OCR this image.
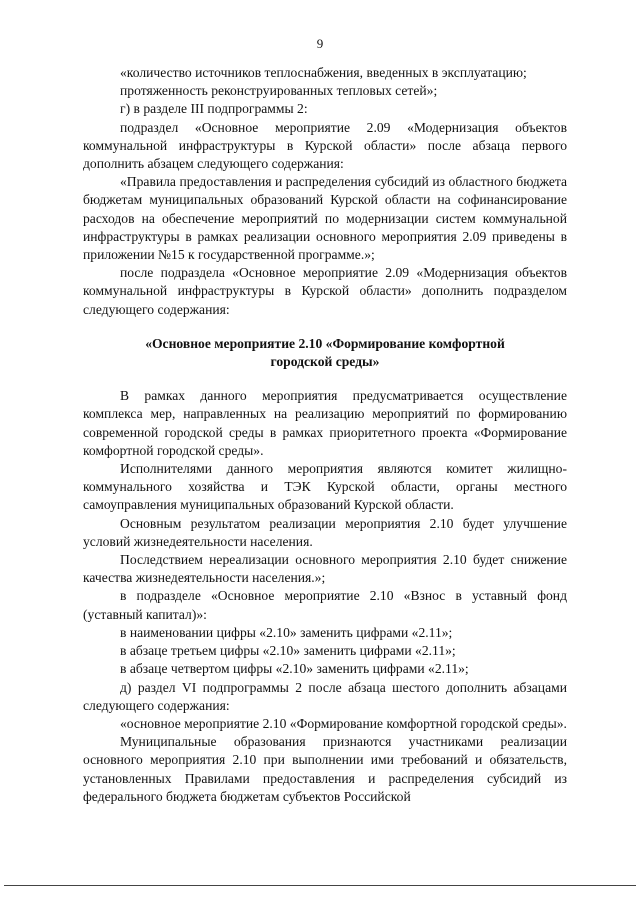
9

«количество источников теплоснабжения, введенных в эксплуатацию;

протяженность реконструированных тепловых сетей»;

г) в разделе III подпрограммы 2:

подраздел «Основное мероприятие 2.09 «Модернизация объектов коммунальной инфраструктуры в Курской области» после абзаца первого дополнить абзацем следующего содержания:

«Правила предоставления и распределения субсидий из областного бюджета бюджетам муниципальных образований Курской области на софинансирование расходов на обеспечение мероприятий по модернизации систем коммунальной инфраструктуры в рамках реализации основного мероприятия 2.09 приведены в приложении №15 к государственной программе.»;

после подраздела «Основное мероприятие 2.09 «Модернизация объектов коммунальной инфраструктуры в Курской области» дополнить подразделом следующего содержания:

«Основное мероприятие 2.10 «Формирование комфортной городской среды»

В рамках данного мероприятия предусматривается осуществление комплекса мер, направленных на реализацию мероприятий по формированию современной городской среды в рамках приоритетного проекта «Формирование комфортной городской среды».

Исполнителями данного мероприятия являются комитет жилищно-коммунального хозяйства и ТЭК Курской области, органы местного самоуправления муниципальных образований Курской области.

Основным результатом реализации мероприятия 2.10 будет улучшение условий жизнедеятельности населения.

Последствием нереализации основного мероприятия 2.10 будет снижение качества жизнедеятельности населения.»;

в подразделе «Основное мероприятие 2.10 «Взнос в уставный фонд (уставный капитал)»:

в наименовании цифры «2.10» заменить цифрами «2.11»;

в абзаце третьем цифры «2.10» заменить цифрами «2.11»;

в абзаце четвертом цифры «2.10» заменить цифрами «2.11»;

д) раздел VI подпрограммы 2 после абзаца шестого дополнить абзацами следующего содержания:

«основное мероприятие 2.10 «Формирование комфортной городской среды».

Муниципальные образования признаются участниками реализации основного мероприятия 2.10 при выполнении ими требований и обязательств, установленных Правилами предоставления и распределения субсидий из федерального бюджета бюджетам субъектов Российской
